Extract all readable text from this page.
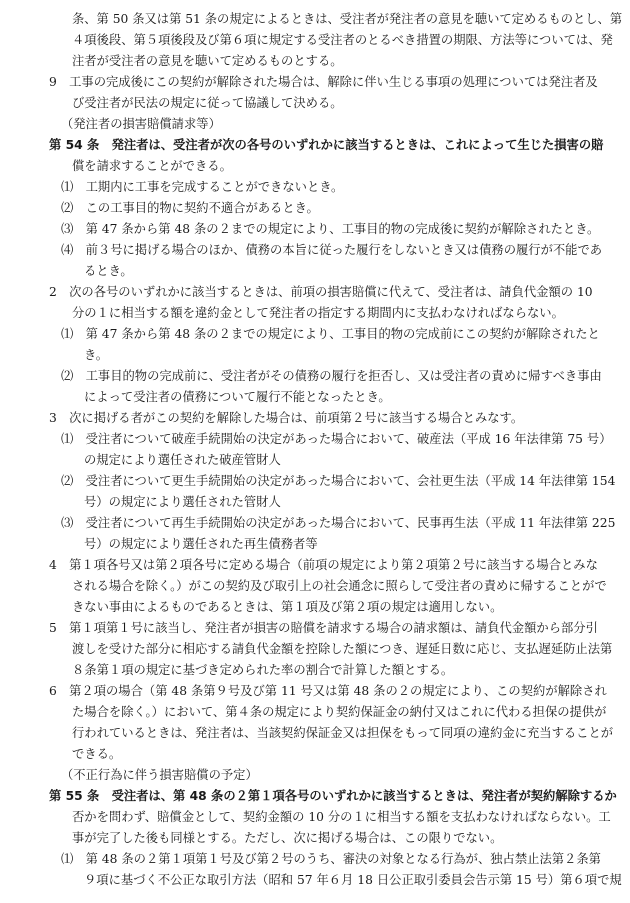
条、第 50 条又は第 51 条の規定によるときは、受注者が発注者の意見を聴いて定めるものとし、第
４項後段、第５項後段及び第６項に規定する受注者のとるべき措置の期限、方法等については、発
注者が受注者の意見を聴いて定めるものとする。
9　工事の完成後にこの契約が解除された場合は、解除に伴い生じる事項の処理については発注者及
び受注者が民法の規定に従って協議して決める。
（発注者の損害賠償請求等）
第 54 条　発注者は、受注者が次の各号のいずれかに該当するときは、これによって生じた損害の賠
償を請求することができる。
⑴　工期内に工事を完成することができないとき。
⑵　この工事目的物に契約不適合があるとき。
⑶　第 47 条から第 48 条の２までの規定により、工事目的物の完成後に契約が解除されたとき。
⑷　前３号に掲げる場合のほか、債務の本旨に従った履行をしないとき又は債務の履行が不能であ
るとき。
2　次の各号のいずれかに該当するときは、前項の損害賠償に代えて、受注者は、請負代金額の 10
分の１に相当する額を違約金として発注者の指定する期間内に支払わなければならない。
⑴　第 47 条から第 48 条の２までの規定により、工事目的物の完成前にこの契約が解除されたと
き。
⑵　工事目的物の完成前に、受注者がその債務の履行を拒否し、又は受注者の責めに帰すべき事由
によって受注者の債務について履行不能となったとき。
3　次に掲げる者がこの契約を解除した場合は、前項第２号に該当する場合とみなす。
⑴　受注者について破産手続開始の決定があった場合において、破産法（平成 16 年法律第 75 号）
の規定により選任された破産管財人
⑵　受注者について更生手続開始の決定があった場合において、会社更生法（平成 14 年法律第 154
号）の規定により選任された管財人
⑶　受注者について再生手続開始の決定があった場合において、民事再生法（平成 11 年法律第 225
号）の規定により選任された再生債務者等
4　第１項各号又は第２項各号に定める場合（前項の規定により第２項第２号に該当する場合とみな
される場合を除く。）がこの契約及び取引上の社会通念に照らして受注者の責めに帰することがで
きない事由によるものであるときは、第１項及び第２項の規定は適用しない。
5　第１項第１号に該当し、発注者が損害の賠償を請求する場合の請求額は、請負代金額から部分引
渡しを受けた部分に相応する請負代金額を控除した額につき、遅延日数に応じ、支払遅延防止法第
８条第１項の規定に基づき定められた率の割合で計算した額とする。
6　第２項の場合（第 48 条第９号及び第 11 号又は第 48 条の２の規定により、この契約が解除され
た場合を除く。）において、第４条の規定により契約保証金の納付又はこれに代わる担保の提供が
行われているときは、発注者は、当該契約保証金又は担保をもって同項の違約金に充当することが
できる。
（不正行為に伴う損害賠償の予定）
第 55 条　受注者は、第 48 条の２第１項各号のいずれかに該当するときは、発注者が契約解除するか
否かを問わず、賠償金として、契約金額の 10 分の１に相当する額を支払わなければならない。工
事が完了した後も同様とする。ただし、次に掲げる場合は、この限りでない。
⑴　第 48 条の２第１項第１号及び第２号のうち、審決の対象となる行為が、独占禁止法第２条第
９項に基づく不公正な取引方法（昭和 57 年６月 18 日公正取引委員会告示第 15 号）第６項で規
